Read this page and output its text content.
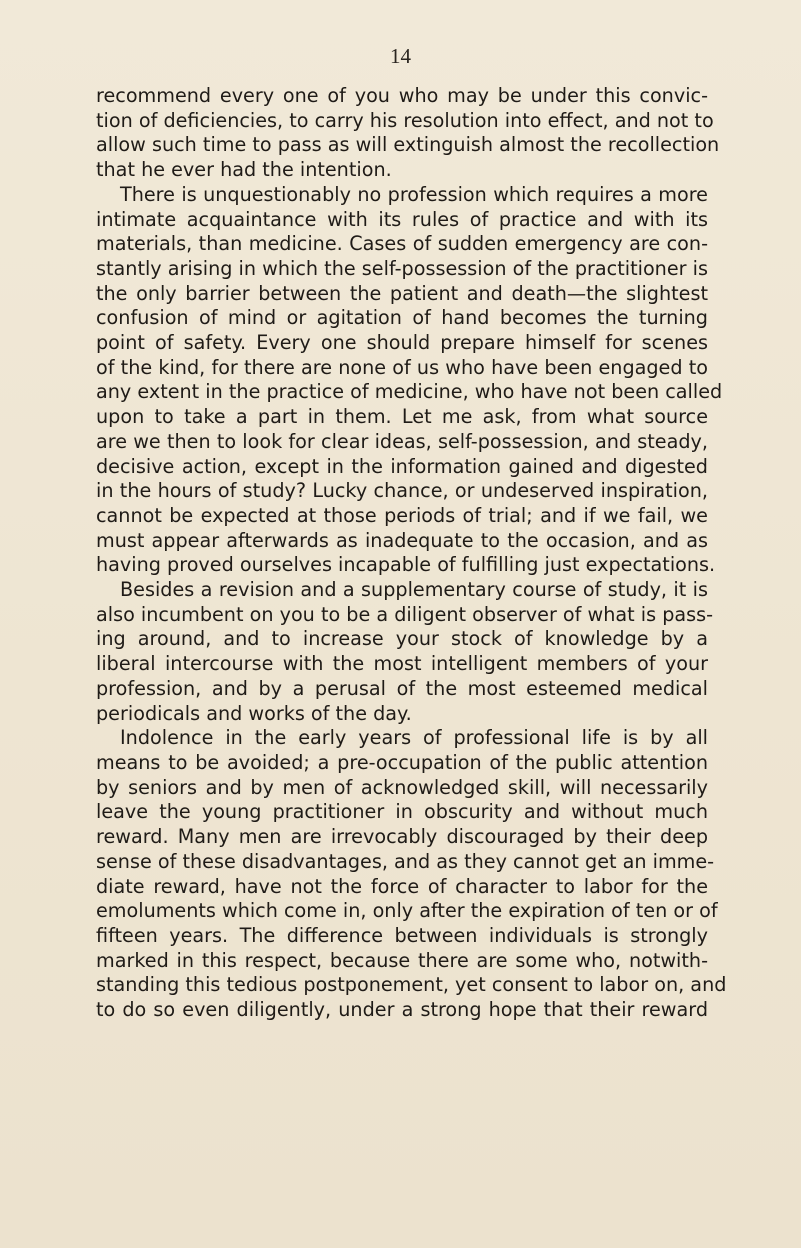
14
recommend every one of you who may be under this convic-
tion of deficiencies, to carry his resolution into effect, and not to
allow such time to pass as will extinguish almost the recollection
that he ever had the intention.
There is unquestionably no profession which requires a more
intimate acquaintance with its rules of practice and with its
materials, than medicine. Cases of sudden emergency are con-
stantly arising in which the self-possession of the practitioner is
the only barrier between the patient and death—the slightest
confusion of mind or agitation of hand becomes the turning
point of safety. Every one should prepare himself for scenes
of the kind, for there are none of us who have been engaged to
any extent in the practice of medicine, who have not been called
upon to take a part in them. Let me ask, from what source
are we then to look for clear ideas, self-possession, and steady,
decisive action, except in the information gained and digested
in the hours of study? Lucky chance, or undeserved inspiration,
cannot be expected at those periods of trial; and if we fail, we
must appear afterwards as inadequate to the occasion, and as
having proved ourselves incapable of fulfilling just expectations.
Besides a revision and a supplementary course of study, it is
also incumbent on you to be a diligent observer of what is pass-
ing around, and to increase your stock of knowledge by a
liberal intercourse with the most intelligent members of your
profession, and by a perusal of the most esteemed medical
periodicals and works of the day.
Indolence in the early years of professional life is by all
means to be avoided; a pre-occupation of the public attention
by seniors and by men of acknowledged skill, will necessarily
leave the young practitioner in obscurity and without much
reward. Many men are irrevocably discouraged by their deep
sense of these disadvantages, and as they cannot get an imme-
diate reward, have not the force of character to labor for the
emoluments which come in, only after the expiration of ten or of
fifteen years. The difference between individuals is strongly
marked in this respect, because there are some who, notwith-
standing this tedious postponement, yet consent to labor on, and
to do so even diligently, under a strong hope that their reward
